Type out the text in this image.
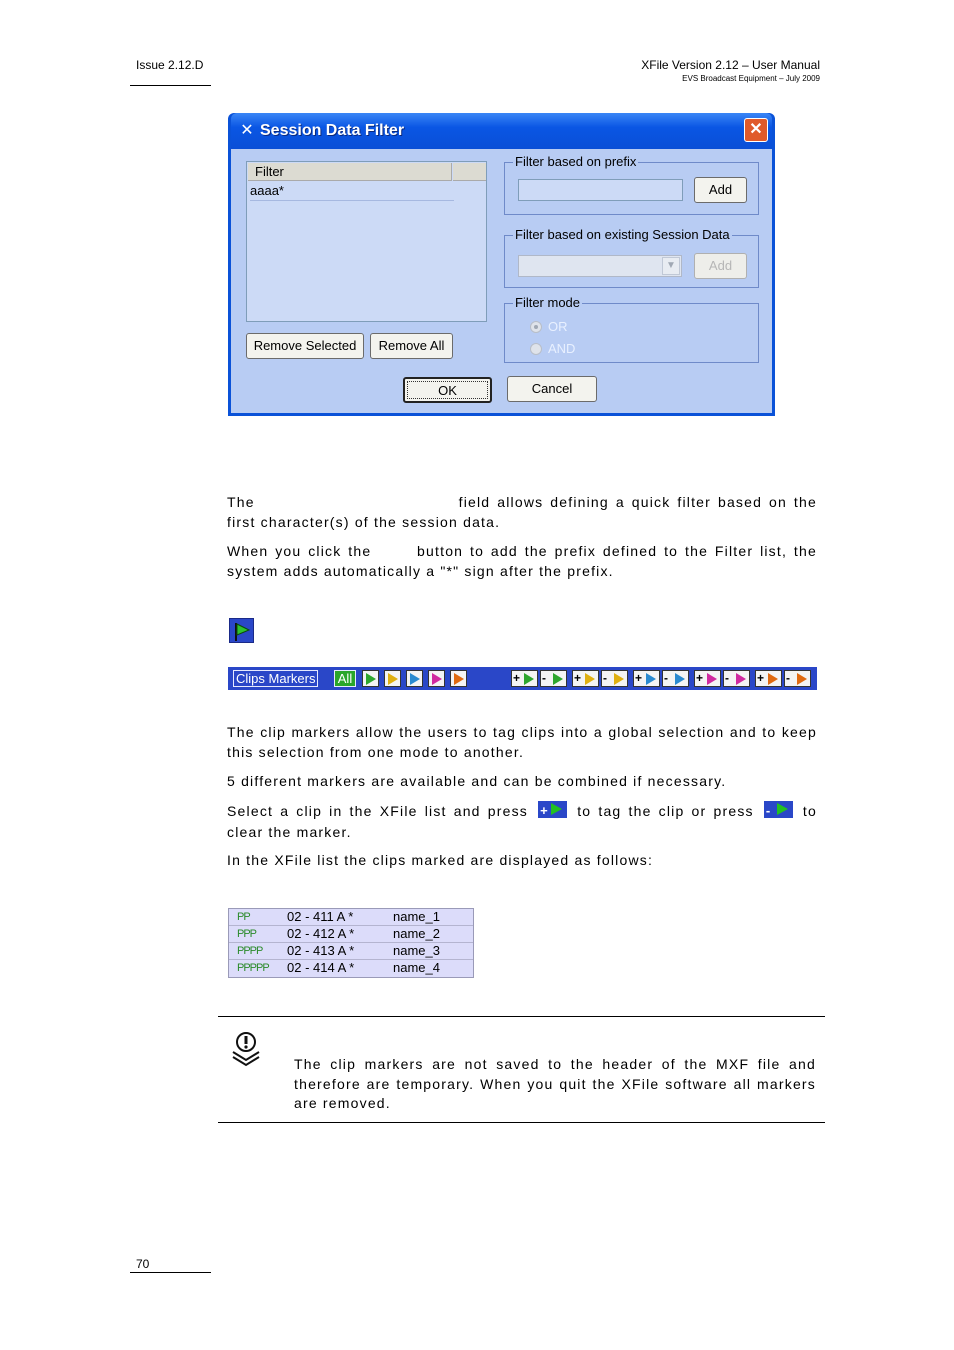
Issue 2.12.D	XFile Version 2.12 – User Manual
EVS Broadcast Equipment – July 2009
✕ Session Data Filter	✕
Filter
aaaa*
Remove Selected	Remove All
Filter based on prefix
Add
Filter based on existing Session Data
▼	Add
Filter mode
OR
AND
OK	Cancel
The	field allows defining a quick filter based on the first character(s) of the session data.
When you click the	button to add the prefix defined to the Filter list, the system adds automatically a "*" sign after the prefix.
Clips Markers All	+	-	+	-	+	-	+	-	+	-
The clip markers allow the users to tag clips into a global selection and to keep this selection from one mode to another.
5 different markers are available and can be combined if necessary.
Select a clip in the XFile list and press + to tag the clip or press - to clear the marker.
In the XFile list the clips marked are displayed as follows:
PP	02 - 411 A *	name_1
PPP 02 - 412 A *	name_2
PPPP 02 - 413 A *	name_3
PPPPP 02 - 414 A *	name_4
The clip markers are not saved to the header of the MXF file and therefore are temporary. When you quit the XFile software all markers are removed.
70
